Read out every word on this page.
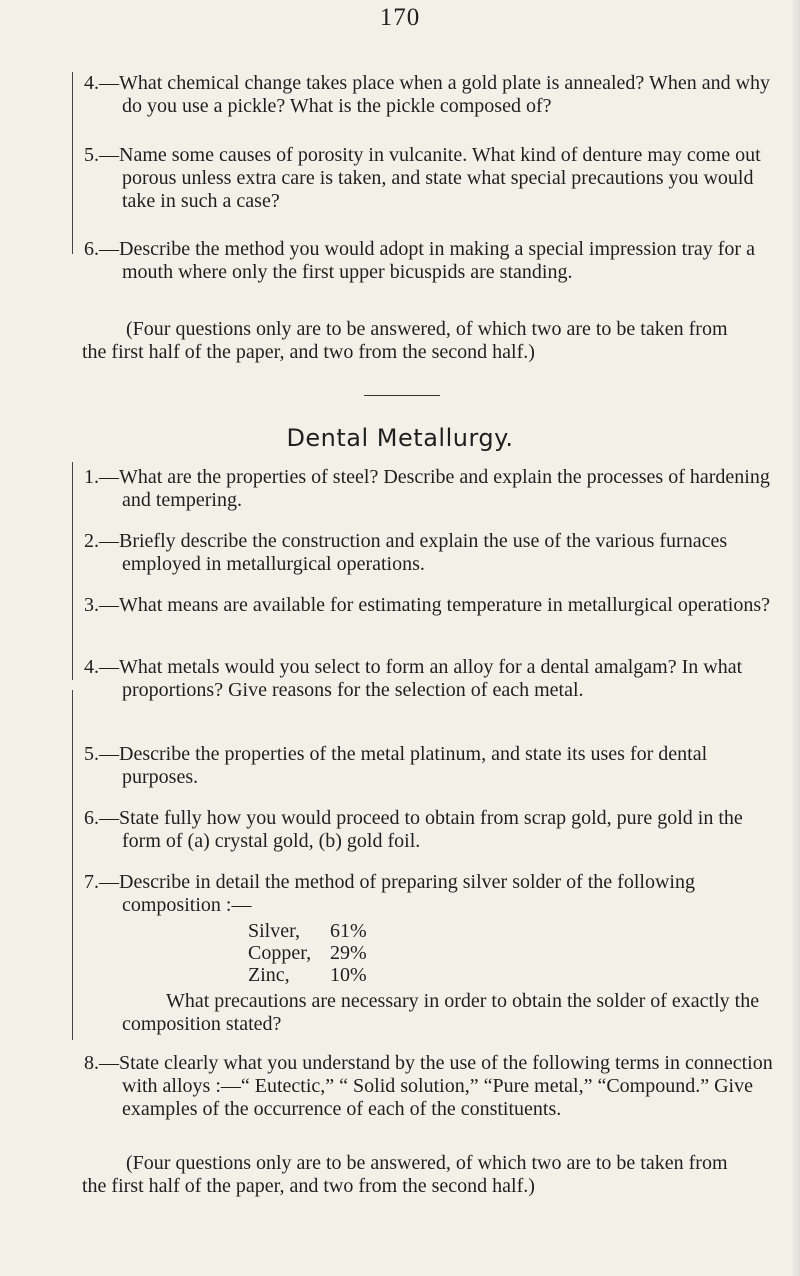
170
4.—What chemical change takes place when a gold plate is annealed? When and why do you use a pickle? What is the pickle composed of?
5.—Name some causes of porosity in vulcanite. What kind of denture may come out porous unless extra care is taken, and state what special precautions you would take in such a case?
6.—Describe the method you would adopt in making a special impression tray for a mouth where only the first upper bicuspids are standing.
(Four questions only are to be answered, of which two are to be taken from the first half of the paper, and two from the second half.)
Dental Metallurgy.
1.—What are the properties of steel? Describe and explain the processes of hardening and tempering.
2.—Briefly describe the construction and explain the use of the various furnaces employed in metallurgical operations.
3.—What means are available for estimating temperature in metallurgical operations?
4.—What metals would you select to form an alloy for a dental amalgam? In what proportions? Give reasons for the selection of each metal.
5.—Describe the properties of the metal platinum, and state its uses for dental purposes.
6.—State fully how you would proceed to obtain from scrap gold, pure gold in the form of (a) crystal gold, (b) gold foil.
7.—Describe in detail the method of preparing silver solder of the following composition :—
Silver, 61%
Copper, 29%
Zinc, 10%
What precautions are necessary in order to obtain the solder of exactly the composition stated?
8.—State clearly what you understand by the use of the following terms in connection with alloys :—“ Eutectic,” “ Solid solution,” “Pure metal,” “Compound.” Give examples of the occurrence of each of the constituents.
(Four questions only are to be answered, of which two are to be taken from the first half of the paper, and two from the second half.)
